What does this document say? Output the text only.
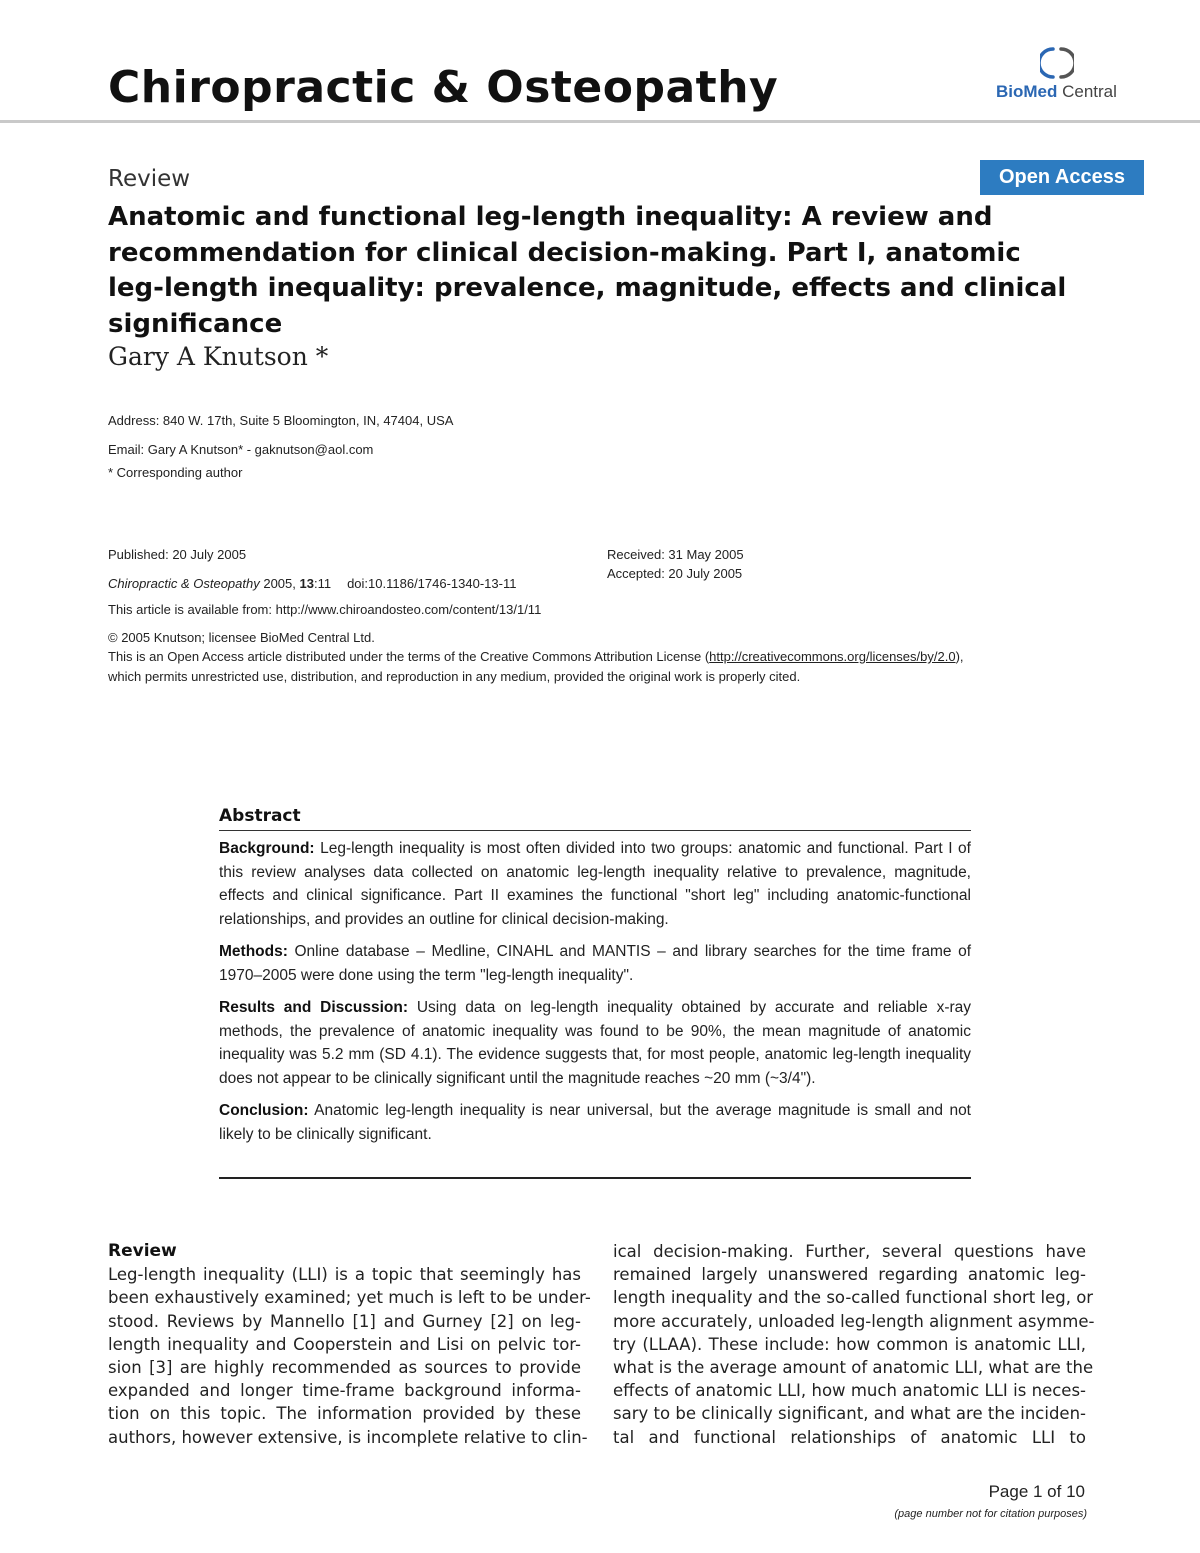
Chiropractic & Osteopathy	BioMed Central
Review	Open Access
Anatomic and functional leg-length inequality: A review and
recommendation for clinical decision-making. Part I, anatomic
leg-length inequality: prevalence, magnitude, effects and clinical
significance
Gary A Knutson *
Address: 840 W. 17th, Suite 5 Bloomington, IN, 47404, USA
Email: Gary A Knutson* - gaknutson@aol.com
* Corresponding author
Published: 20 July 2005
Chiropractic & Osteopathy 2005, 13:11 doi:10.1186/1746-1340-13-11
Received: 31 May 2005
Accepted: 20 July 2005
This article is available from: http://www.chiroandosteo.com/content/13/1/11
© 2005 Knutson; licensee BioMed Central Ltd.
This is an Open Access article distributed under the terms of the Creative Commons Attribution License (http://creativecommons.org/licenses/by/2.0),
which permits unrestricted use, distribution, and reproduction in any medium, provided the original work is properly cited.
Abstract

Background: Leg-length inequality is most often divided into two groups: anatomic and functional. Part I of this review analyses data collected on anatomic leg-length inequality relative to prevalence, magnitude, effects and clinical significance. Part II examines the functional "short leg" including anatomic-functional relationships, and provides an outline for clinical decision-making.

Methods: Online database – Medline, CINAHL and MANTIS – and library searches for the time frame of 1970–2005 were done using the term "leg-length inequality".

Results and Discussion: Using data on leg-length inequality obtained by accurate and reliable x-ray methods, the prevalence of anatomic inequality was found to be 90%, the mean magnitude of anatomic inequality was 5.2 mm (SD 4.1). The evidence suggests that, for most people, anatomic leg-length inequality does not appear to be clinically significant until the magnitude reaches ~20 mm (~3/4").

Conclusion: Anatomic leg-length inequality is near universal, but the average magnitude is small and not likely to be clinically significant.

Review
Leg-length inequality (LLI) is a topic that seemingly has
been exhaustively examined; yet much is left to be under-
stood. Reviews by Mannello [1] and Gurney [2] on leg-
length inequality and Cooperstein and Lisi on pelvic tor-
sion [3] are highly recommended as sources to provide
expanded and longer time-frame background informa-
tion on this topic. The information provided by these
authors, however extensive, is incomplete relative to clin-
ical decision-making. Further, several questions have
remained largely unanswered regarding anatomic leg-
length inequality and the so-called functional short leg, or
more accurately, unloaded leg-length alignment asymme-
try (LLAA). These include: how common is anatomic LLI,
what is the average amount of anatomic LLI, what are the
effects of anatomic LLI, how much anatomic LLI is neces-
sary to be clinically significant, and what are the inciden-
tal and functional relationships of anatomic LLI to
Page 1 of 10
(page number not for citation purposes)
